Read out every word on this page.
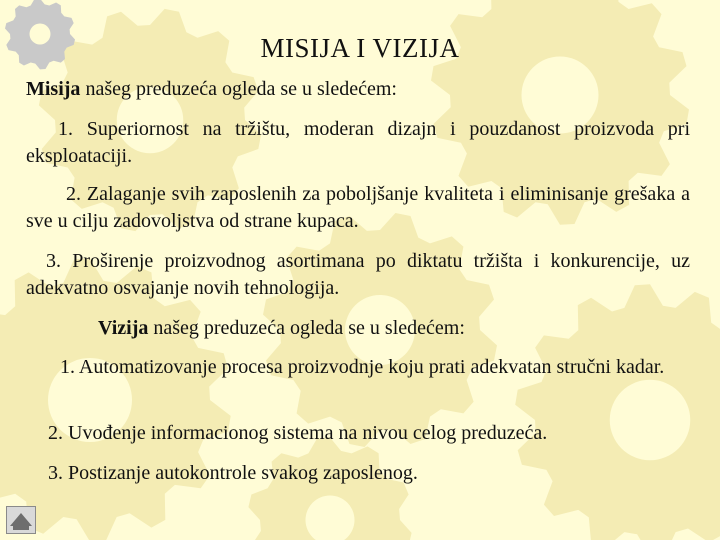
MISIJA I VIZIJA
Misija našeg preduzeća ogleda se u sledećem:
1. Superiornost na tržištu, moderan dizajn i pouzdanost proizvoda pri eksploataciji.
2. Zalaganje svih zaposlenih za poboljšanje kvaliteta i eliminisanje grešaka a sve u cilju zadovoljstva od strane kupaca.
3. Proširenje proizvodnog asortimana po diktatu tržišta i konkurencije, uz adekvatno osvajanje novih tehnologija.
Vizija našeg preduzeća ogleda se u sledećem:
1. Automatizovanje procesa proizvodnje koju prati adekvatan stručni kadar.
2. Uvođenje informacionog sistema na nivou celog preduzeća.
3. Postizanje autokontrole svakog zaposlenog.
